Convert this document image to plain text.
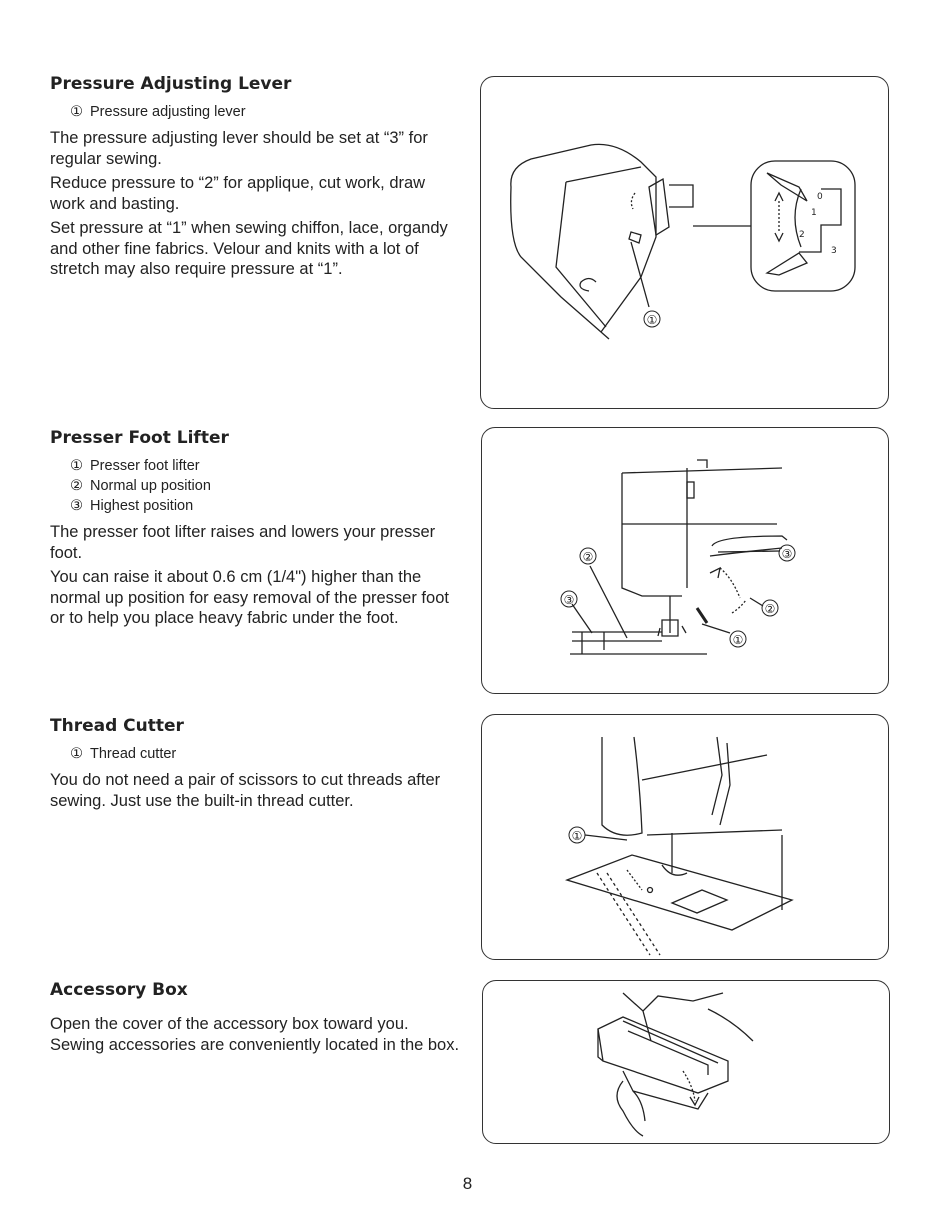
Pressure Adjusting Lever
① Pressure adjusting lever

The pressure adjusting lever should be set at “3” for regular sewing.

Reduce pressure to “2” for applique, cut work, draw work and basting.

Set pressure at “1” when sewing chiffon, lace, organdy and other fine fabrics. Velour and knits with a lot of stretch may also require pressure at “1”.

①
0
1
2
3
Presser Foot Lifter
① Presser foot lifter
② Normal up position
③ Highest position

The presser foot lifter raises and lowers your presser foot.

You can raise it about 0.6 cm (1/4") higher than the normal up position for easy removal of the presser foot or to help you place heavy fabric under the foot.

②
③
③
②
①
Thread Cutter
① Thread cutter

You do not need a pair of scissors to cut threads after sewing. Just use the built-in thread cutter.

①
Accessory Box

Open the cover of the accessory box toward you. Sewing accessories are conveniently located in the box.

8
